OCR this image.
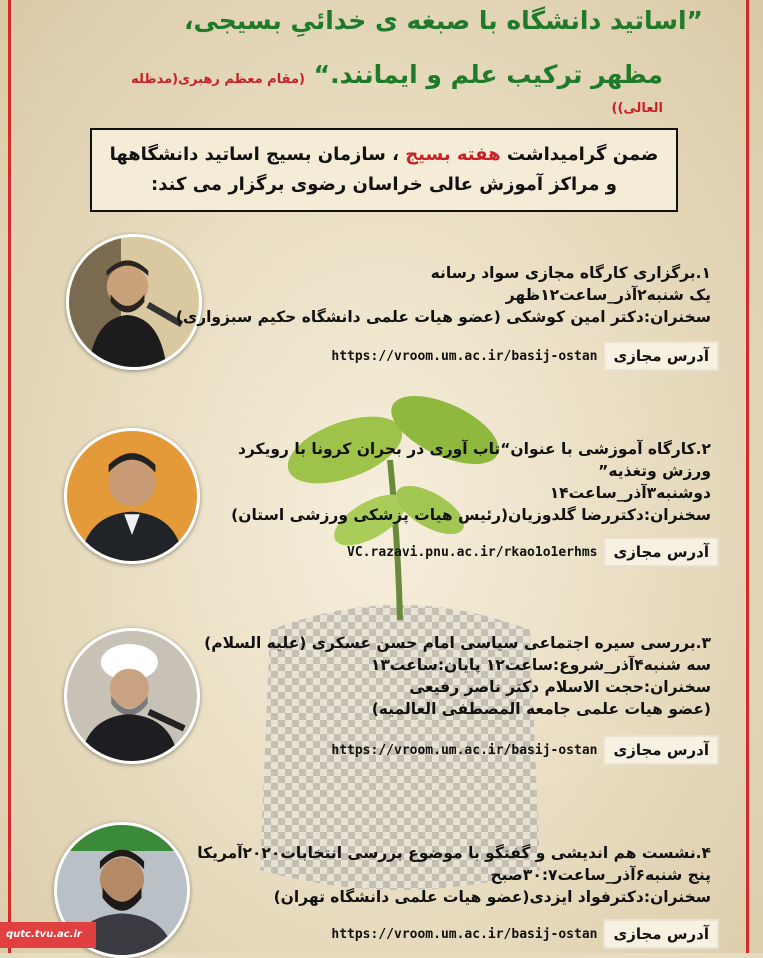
”اساتید دانشگاه با صبغه ی خدائیِ بسیجی،
مظهر ترکیب علم و ایمانند.“ (مقام معظم رهبری(مدظله العالی))
ضمن گرامیداشت هفته بسیج ، سازمان بسیج اساتید دانشگاهها
و مراکز آموزش عالی خراسان رضوی برگزار می کند:
۱.برگزاری کارگاه مجازی سواد رسانه
یک شنبه۲آذر_ساعت۱۲ظهر
سخنران:دکتر امین کوشکی (عضو هیات علمی دانشگاه حکیم سبزواری)
آدرس مجازی
https://vroom.um.ac.ir/basij-ostan
۲.کارگاه آموزشی با عنوان“تاب آوری در بحران کرونا با رویکرد
ورزش وتغذیه”
دوشنبه۳آذر_ساعت۱۴
سخنران:دکتررضا گلدوزیان(رئیس هیات پزشکی ورزشی استان)
آدرس مجازی
VC.razavi.pnu.ac.ir/rkao1o1erhms
۳.بررسی سیره اجتماعی سیاسی امام حسن عسکری (علیه السلام)
سه شنبه۴آذر_شروع:ساعت۱۲ پایان:ساعت۱۳
سخنران:حجت الاسلام دکتر ناصر رفیعی
(عضو هیات علمی جامعه المصطفی العالمیه)
آدرس مجازی
https://vroom.um.ac.ir/basij-ostan
۴.نشست هم اندیشی و گفتگو با موضوع بررسی انتخابات۲۰۲۰آمریکا
پنج شنبه۶آذر_ساعت۳۰:۷صبح
سخنران:دکترفواد ایزدی(عضو هیات علمی دانشگاه تهران)
آدرس مجازی
https://vroom.um.ac.ir/basij-ostan
qutc.tvu.ac.ir
